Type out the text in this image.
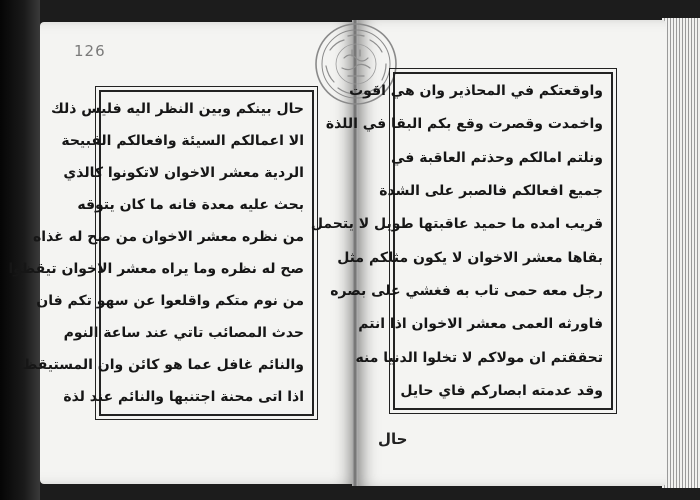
126
حال بينكم وبين النظر اليه فليس ذلك
الا اعمالكم السيئة وافعالكم القبيحة
الردية معشر الاخوان لاتكونوا كالذي
بحث عليه معدة فانه ما كان يتوقه
من نظره معشر الاخوان من صح له غذاه
صح له نظره وما يراه معشر الاخوان تيقظوا
من نوم متكم واقلعوا عن سهو تكم فان
حدث المصائب تاتي عند ساعة النوم
والنائم غافل عما هو كائن وان المستيقظ
اذا اتى محنة اجتنبها والنائم عند لذة
واوقعتكم في المحاذير وان هي اقوت
واخمدت وقصرت وقع بكم البقا في اللذة
ونلتم امالكم وحذتم العاقبة في
جميع افعالكم فالصبر على الشدة
قريب امده ما حميد عاقبتها طويل لا يتحمل
بقاها معشر الاخوان لا يكون مثلكم مثل
رجل معه حمى تاب به فغشي على بصره
فاورثه العمى معشر الاخوان اذا انتم
تحققتم ان مولاكم لا تخلوا الدنيا منه
وقد عدمته ابصاركم فاي حايل
حال
